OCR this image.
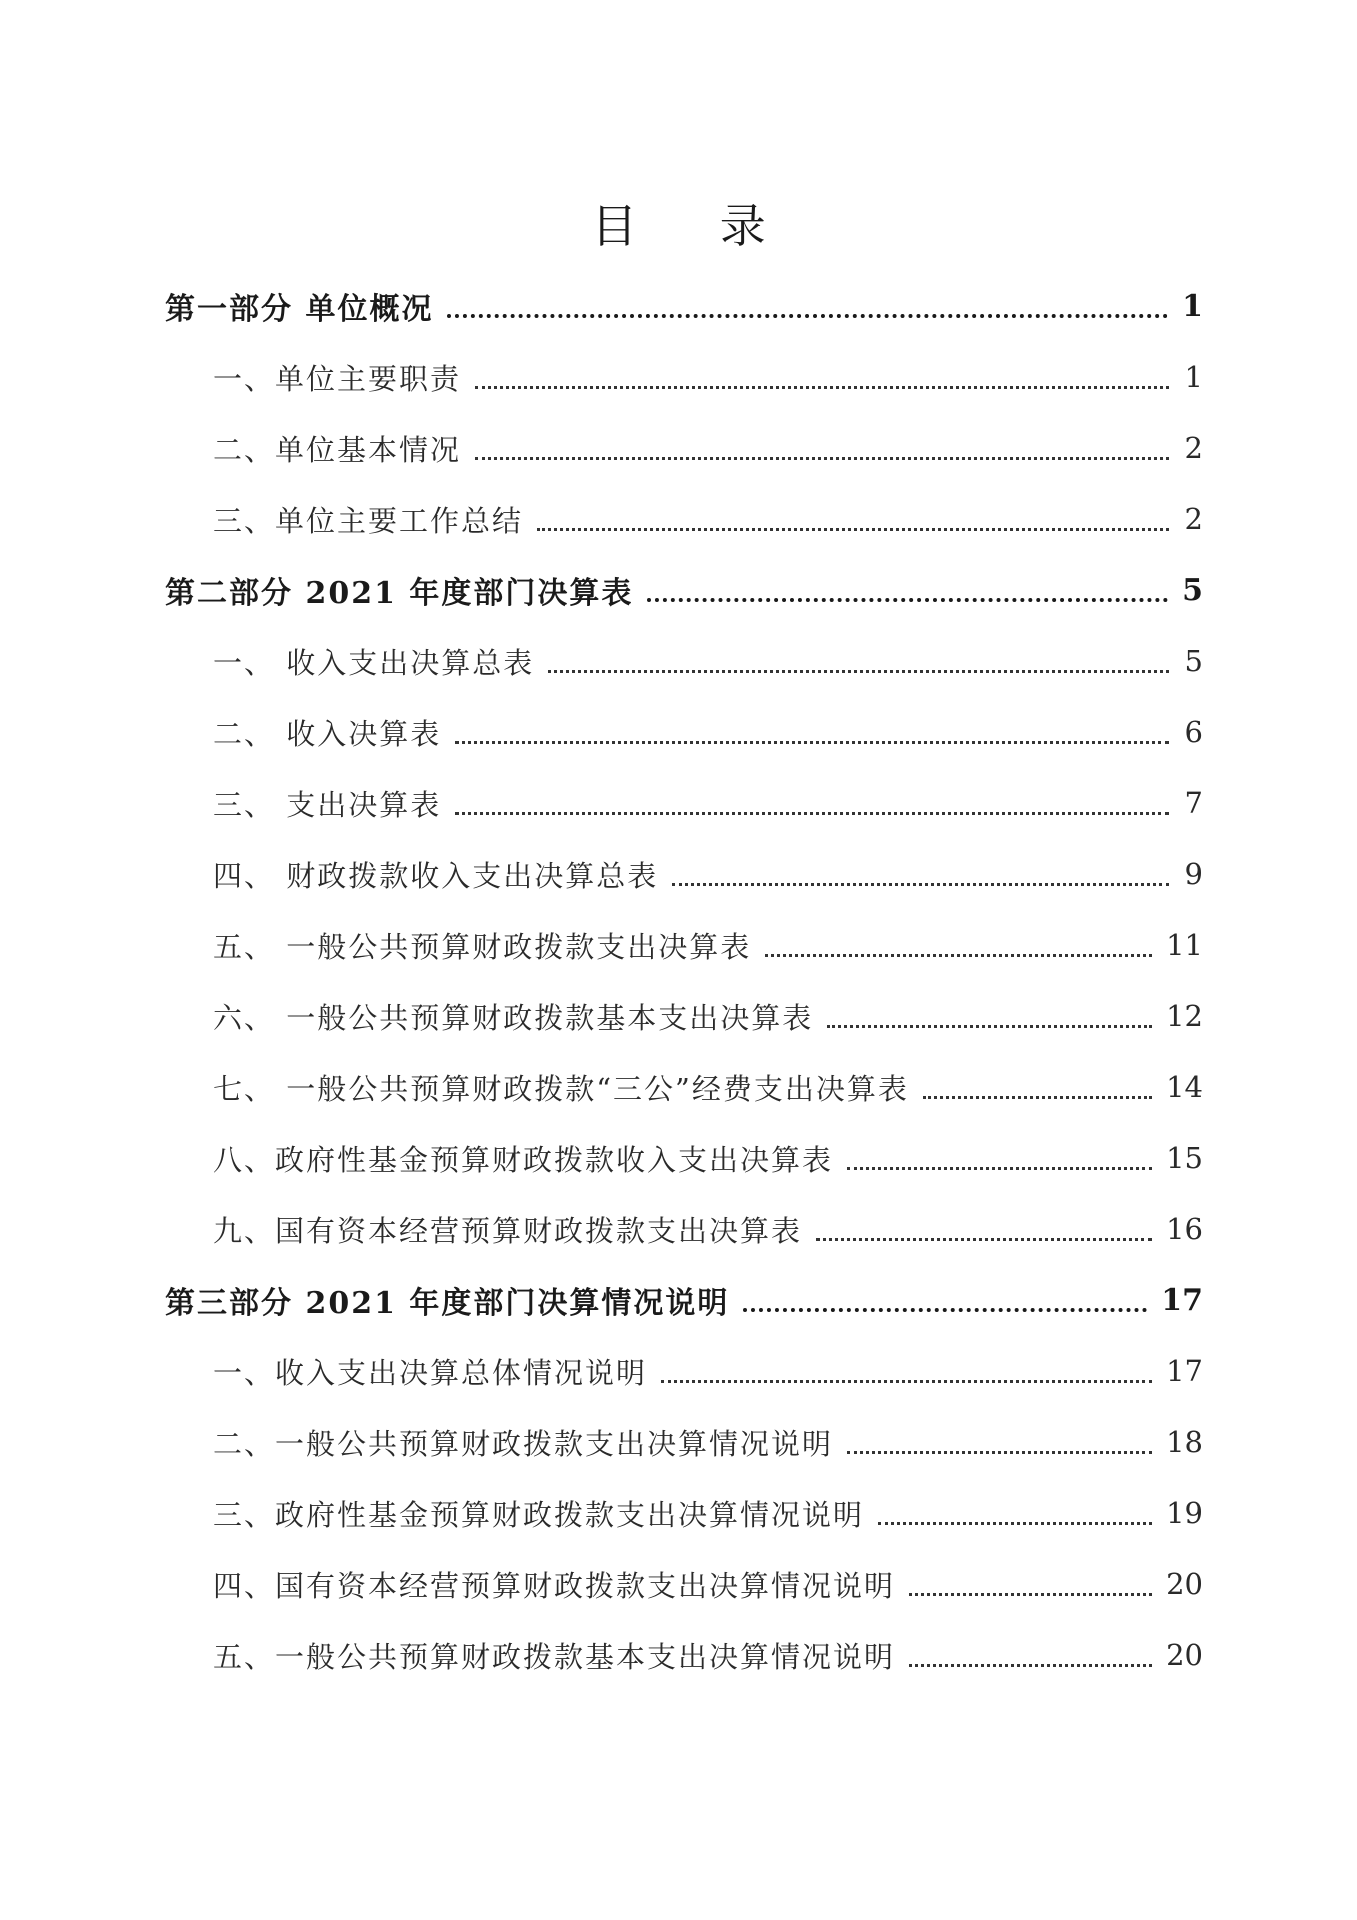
目 录
第一部分 单位概况	1
一、单位主要职责	1
二、单位基本情况	2
三、单位主要工作总结	2
第二部分 2021 年度部门决算表	5
一、 收入支出决算总表	5
二、 收入决算表	6
三、 支出决算表	7
四、 财政拨款收入支出决算总表	9
五、 一般公共预算财政拨款支出决算表	11
六、 一般公共预算财政拨款基本支出决算表	12
七、 一般公共预算财政拨款“三公”经费支出决算表	14
八、政府性基金预算财政拨款收入支出决算表	15
九、国有资本经营预算财政拨款支出决算表	16
第三部分 2021 年度部门决算情况说明	17
一、收入支出决算总体情况说明	17
二、一般公共预算财政拨款支出决算情况说明	18
三、政府性基金预算财政拨款支出决算情况说明	19
四、国有资本经营预算财政拨款支出决算情况说明	20
五、一般公共预算财政拨款基本支出决算情况说明	20
